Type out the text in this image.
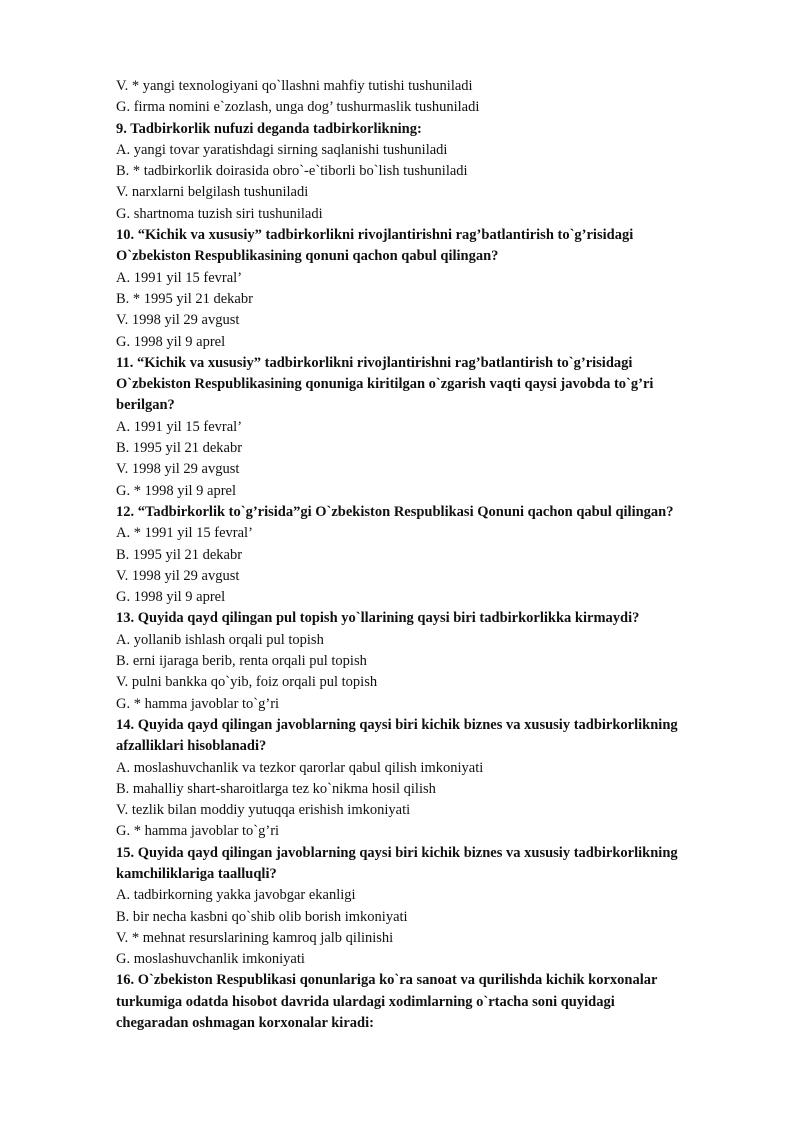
V. * yangi texnologiyani qo`llashni mahfiy tutishi tushuniladi
G. firma nomini e`zozlash, unga dog’ tushurmaslik tushuniladi
9. Tadbirkorlik nufuzi deganda tadbirkorlikning:
A. yangi tovar yaratishdagi sirning saqlanishi tushuniladi
B. * tadbirkorlik doirasida obro`-e`tiborli bo`lish tushuniladi
V. narxlarni belgilash tushuniladi
G. shartnoma tuzish siri tushuniladi
10. “Kichik va xususiy” tadbirkorlikni rivojlantirishni rag’batlantirish to`g’risidagi
O`zbekiston Respublikasining qonuni qachon qabul qilingan?
A. 1991 yil 15 fevral’
B. * 1995 yil 21 dekabr
V. 1998 yil 29 avgust
G. 1998 yil 9 aprel
11. “Kichik va xususiy” tadbirkorlikni rivojlantirishni rag’batlantirish to`g’risidagi
O`zbekiston Respublikasining qonuniga kiritilgan o`zgarish vaqti qaysi javobda to`g’ri
berilgan?
A. 1991 yil 15 fevral’
B. 1995 yil 21 dekabr
V. 1998 yil 29 avgust
G. * 1998 yil 9 aprel
12. “Tadbirkorlik to`g’risida”gi O`zbekiston Respublikasi Qonuni qachon qabul qilingan?
A. * 1991 yil 15 fevral’
B. 1995 yil 21 dekabr
V. 1998 yil 29 avgust
G. 1998 yil 9 aprel
13. Quyida qayd qilingan pul topish yo`llarining qaysi biri tadbirkorlikka kirmaydi?
A. yollanib ishlash orqali pul topish
B. erni ijaraga berib, renta orqali pul topish
V. pulni bankka qo`yib, foiz orqali pul topish
G. * hamma javoblar to`g’ri
14. Quyida qayd qilingan javoblarning qaysi biri kichik biznes va xususiy tadbirkorlikning
afzalliklari hisoblanadi?
A. moslashuvchanlik va tezkor qarorlar qabul qilish imkoniyati
B. mahalliy shart-sharoitlarga tez ko`nikma hosil qilish
V. tezlik bilan moddiy yutuqqa erishish imkoniyati
G. * hamma javoblar to`g’ri
15. Quyida qayd qilingan javoblarning qaysi biri kichik biznes va xususiy tadbirkorlikning
kamchiliklariga taalluqli?
A. tadbirkorning yakka javobgar ekanligi
B. bir necha kasbni qo`shib olib borish imkoniyati
V. * mehnat resurslarining kamroq jalb qilinishi
G. moslashuvchanlik imkoniyati
16. O`zbekiston Respublikasi qonunlariga ko`ra sanoat va qurilishda kichik korxonalar
turkumiga odatda hisobot davrida ulardagi xodimlarning o`rtacha soni quyidagi
chegaradan oshmagan korxonalar kiradi:
